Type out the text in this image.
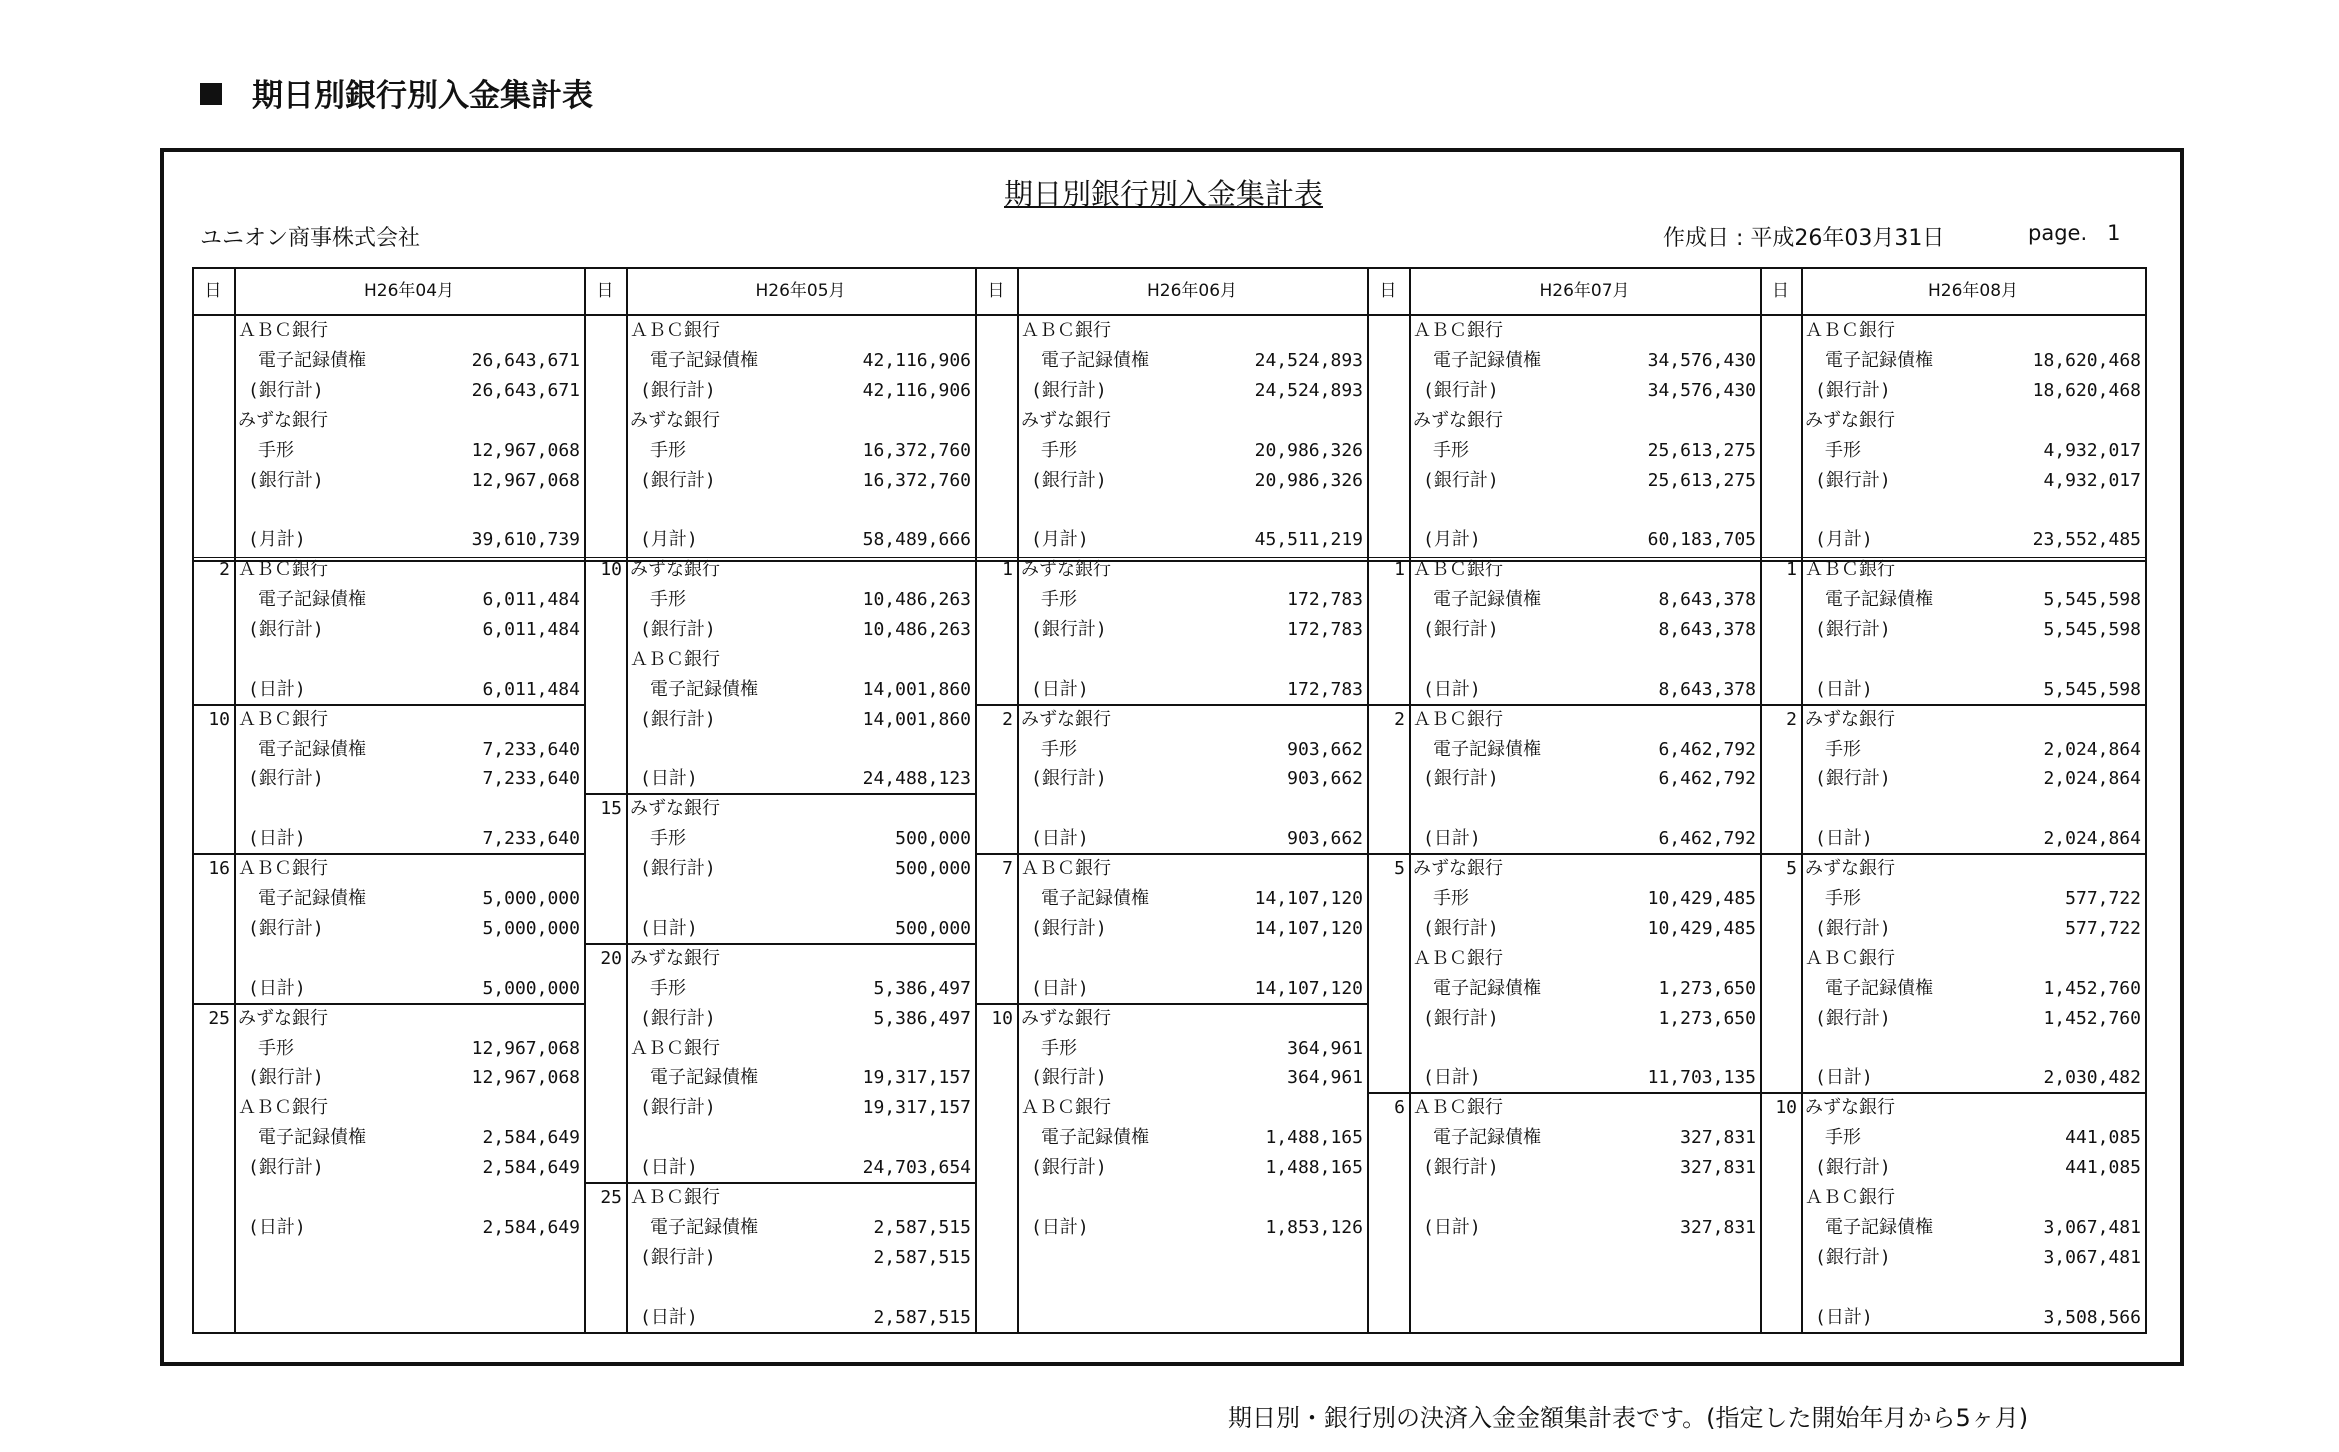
期日別銀行別入金集計表
期日別銀行別入金集計表
ユニオン商事株式会社	作成日 : 平成26年03月31日	page.   1
日	H26年04月
ＡＢＣ銀行
電子記録債権	26,643,671
(銀行計)	26,643,671
みずな銀行
手形	12,967,068
(銀行計)	12,967,068
(月計)	39,610,739
2 ＡＢＣ銀行
電子記録債権	6,011,484
(銀行計)	6,011,484
(日計)	6,011,484
10 ＡＢＣ銀行
電子記録債権	7,233,640
(銀行計)	7,233,640
(日計)	7,233,640
16 ＡＢＣ銀行
電子記録債権	5,000,000
(銀行計)	5,000,000
(日計)	5,000,000
25 みずな銀行
手形	12,967,068
(銀行計)	12,967,068
ＡＢＣ銀行
電子記録債権	2,584,649
(銀行計)	2,584,649
(日計)	2,584,649
日	H26年05月
ＡＢＣ銀行
電子記録債権	42,116,906
(銀行計)	42,116,906
みずな銀行
手形	16,372,760
(銀行計)	16,372,760
(月計)	58,489,666
10 みずな銀行
手形	10,486,263
(銀行計)	10,486,263
ＡＢＣ銀行
電子記録債権	14,001,860
(銀行計)	14,001,860
(日計)	24,488,123
15 みずな銀行
手形	500,000
(銀行計)	500,000
(日計)	500,000
20 みずな銀行
手形	5,386,497
(銀行計)	5,386,497
ＡＢＣ銀行
電子記録債権	19,317,157
(銀行計)	19,317,157
(日計)	24,703,654
25 ＡＢＣ銀行
電子記録債権	2,587,515
(銀行計)	2,587,515
(日計)	2,587,515
日	H26年06月
ＡＢＣ銀行
電子記録債権	24,524,893
(銀行計)	24,524,893
みずな銀行
手形	20,986,326
(銀行計)	20,986,326
(月計)	45,511,219
1 みずな銀行
手形	172,783
(銀行計)	172,783
(日計)	172,783
2 みずな銀行
手形	903,662
(銀行計)	903,662
(日計)	903,662
7 ＡＢＣ銀行
電子記録債権	14,107,120
(銀行計)	14,107,120
(日計)	14,107,120
10 みずな銀行
手形	364,961
(銀行計)	364,961
ＡＢＣ銀行
電子記録債権	1,488,165
(銀行計)	1,488,165
(日計)	1,853,126
日	H26年07月
ＡＢＣ銀行
電子記録債権	34,576,430
(銀行計)	34,576,430
みずな銀行
手形	25,613,275
(銀行計)	25,613,275
(月計)	60,183,705
1 ＡＢＣ銀行
電子記録債権	8,643,378
(銀行計)	8,643,378
(日計)	8,643,378
2 ＡＢＣ銀行
電子記録債権	6,462,792
(銀行計)	6,462,792
(日計)	6,462,792
5 みずな銀行
手形	10,429,485
(銀行計)	10,429,485
ＡＢＣ銀行
電子記録債権	1,273,650
(銀行計)	1,273,650
(日計)	11,703,135
6 ＡＢＣ銀行
電子記録債権	327,831
(銀行計)	327,831
(日計)	327,831
日	H26年08月
ＡＢＣ銀行
電子記録債権	18,620,468
(銀行計)	18,620,468
みずな銀行
手形	4,932,017
(銀行計)	4,932,017
(月計)	23,552,485
1 ＡＢＣ銀行
電子記録債権	5,545,598
(銀行計)	5,545,598
(日計)	5,545,598
2 みずな銀行
手形	2,024,864
(銀行計)	2,024,864
(日計)	2,024,864
5 みずな銀行
手形	577,722
(銀行計)	577,722
ＡＢＣ銀行
電子記録債権	1,452,760
(銀行計)	1,452,760
(日計)	2,030,482
10 みずな銀行
手形	441,085
(銀行計)	441,085
ＡＢＣ銀行
電子記録債権	3,067,481
(銀行計)	3,067,481
(日計)	3,508,566
期日別・銀行別の決済入金金額集計表です。(指定した開始年月から5ヶ月)
